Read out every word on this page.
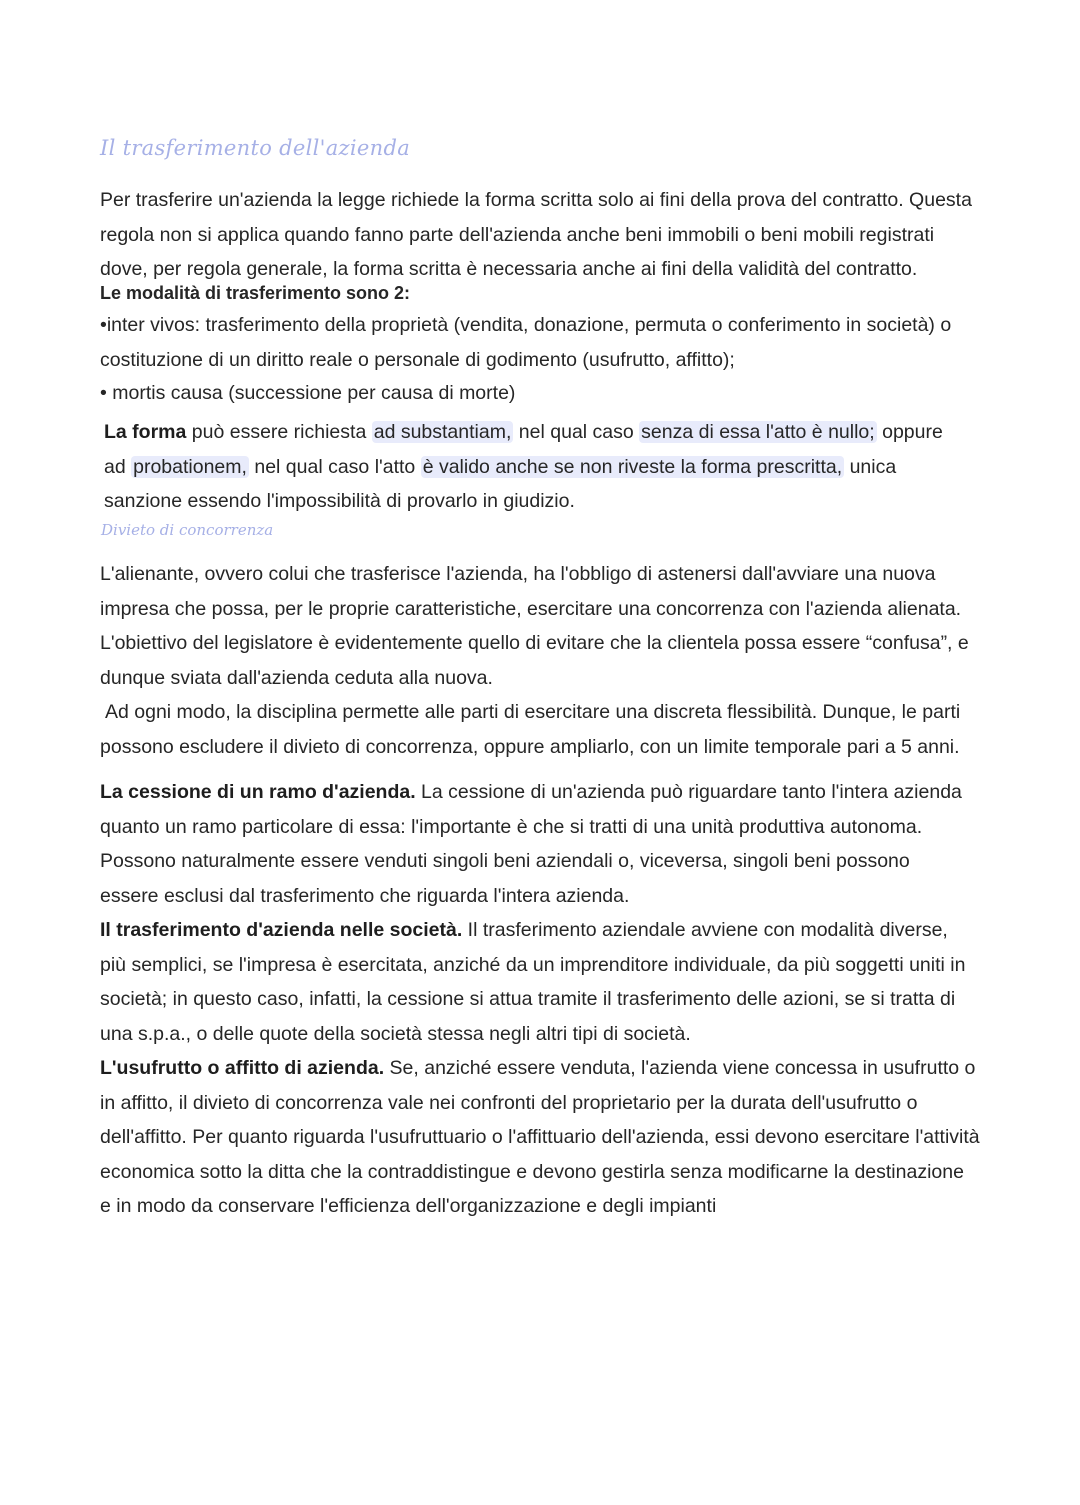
Il trasferimento dell'azienda

Per trasferire un'azienda la legge richiede la forma scritta solo ai fini della prova del contratto. Questa regola non si applica quando fanno parte dell'azienda anche beni immobili o beni mobili registrati dove, per regola generale, la forma scritta è necessaria anche ai fini della validità del contratto.

Le modalità di trasferimento sono 2:

•inter vivos: trasferimento della proprietà (vendita, donazione, permuta o conferimento in società) o costituzione di un diritto reale o personale di godimento (usufrutto, affitto);

• mortis causa (successione per causa di morte)

La forma può essere richiesta ad substantiam, nel qual caso senza di essa l'atto è nullo; oppure ad probationem, nel qual caso l'atto è valido anche se non riveste la forma prescritta, unica sanzione essendo l'impossibilità di provarlo in giudizio.

Divieto di concorrenza

L'alienante, ovvero colui che trasferisce l'azienda, ha l'obbligo di astenersi dall'avviare una nuova impresa che possa, per le proprie caratteristiche, esercitare una concorrenza con l'azienda alienata.

L'obiettivo del legislatore è evidentemente quello di evitare che la clientela possa essere “confusa”, e dunque sviata dall'azienda ceduta alla nuova.

Ad ogni modo, la disciplina permette alle parti di esercitare una discreta flessibilità. Dunque, le parti possono escludere il divieto di concorrenza, oppure ampliarlo, con un limite temporale pari a 5 anni.

La cessione di un ramo d'azienda. La cessione di un'azienda può riguardare tanto l'intera azienda quanto un ramo particolare di essa: l'importante è che si tratti di una unità produttiva autonoma. Possono naturalmente essere venduti singoli beni aziendali o, viceversa, singoli beni possono essere esclusi dal trasferimento che riguarda l'intera azienda.

Il trasferimento d'azienda nelle società. Il trasferimento aziendale avviene con modalità diverse, più semplici, se l'impresa è esercitata, anziché da un imprenditore individuale, da più soggetti uniti in società; in questo caso, infatti, la cessione si attua tramite il trasferimento delle azioni, se si tratta di una s.p.a., o delle quote della società stessa negli altri tipi di società.

L'usufrutto o affitto di azienda. Se, anziché essere venduta, l'azienda viene concessa in usufrutto o in affitto, il divieto di concorrenza vale nei confronti del proprietario per la durata dell'usufrutto o dell'affitto. Per quanto riguarda l'usufruttuario o l'affittuario dell'azienda, essi devono esercitare l'attività economica sotto la ditta che la contraddistingue e devono gestirla senza modificarne la destinazione e in modo da conservare l'efficienza dell'organizzazione e degli impianti
